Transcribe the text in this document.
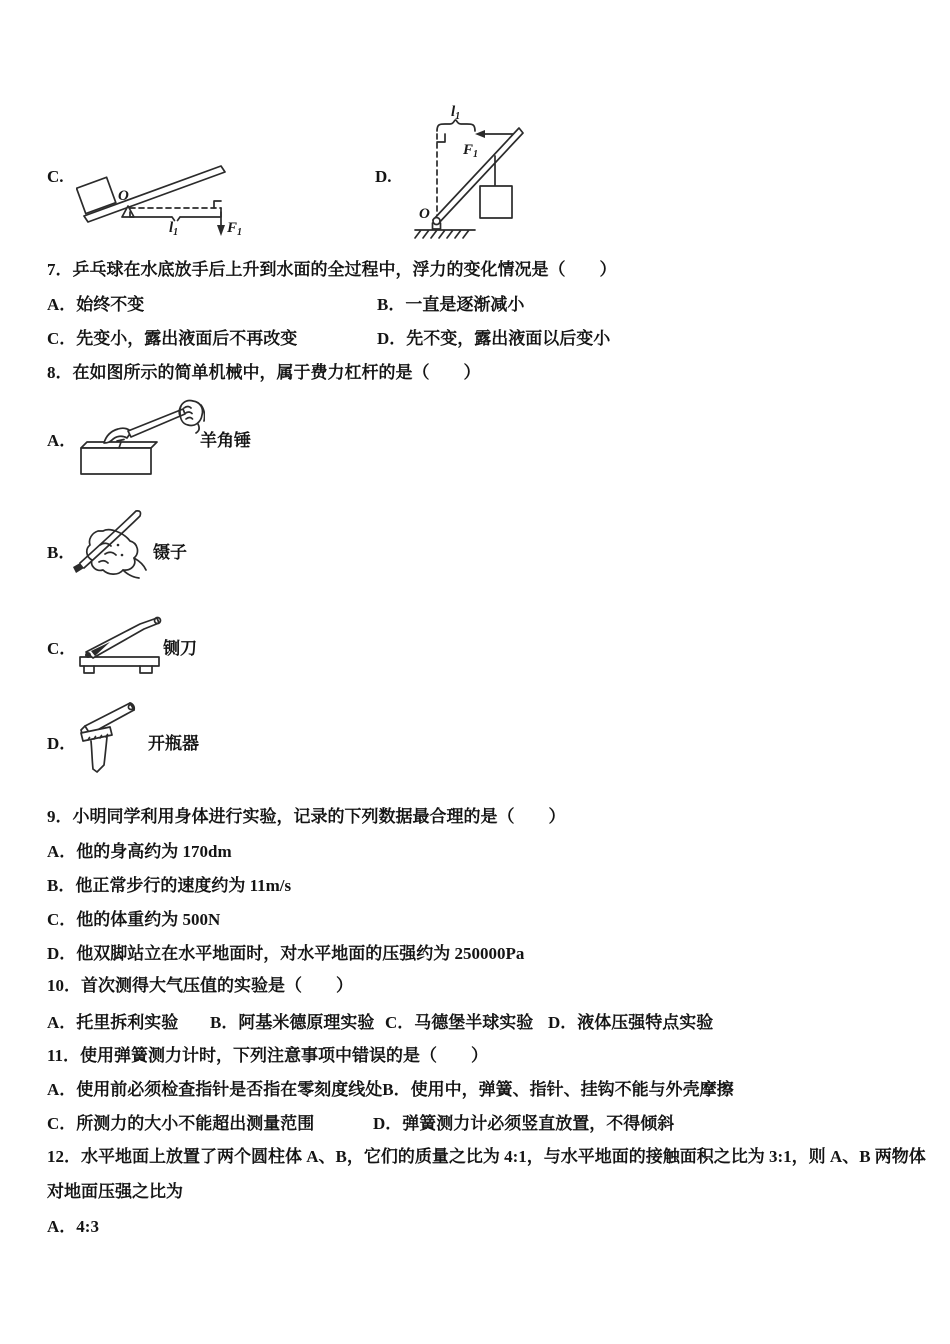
C.
O
$l_1$	$F_1$
D.
$l_1$
$F_1$
O
7．乒乓球在水底放手后上升到水面的全过程中，浮力的变化情况是（　　）
A．始终不变	B．一直是逐渐减小
C．先变小，露出液面后不再改变	D．先不变，露出液面以后变小
8．在如图所示的简单机械中，属于费力杠杆的是（　　）
A．	羊角锤
B．	镊子
C．	铡刀
D．	开瓶器
9．小明同学利用身体进行实验，记录的下列数据最合理的是（　　）
A．他的身高约为 170dm
B．他正常步行的速度约为 11m/s
C．他的体重约为 500N
D．他双脚站立在水平地面时，对水平地面的压强约为 250000Pa
10．首次测得大气压值的实验是（　　）
A．托里拆利实验 B．阿基米德原理实验 C．马德堡半球实验 D．液体压强特点实验
11．使用弹簧测力计时，下列注意事项中错误的是（　　）
A．使用前必须检查指针是否指在零刻度线处 B．使用中，弹簧、指针、挂钩不能与外壳摩擦
C．所测力的大小不能超出测量范围	D．弹簧测力计必须竖直放置，不得倾斜
12．水平地面上放置了两个圆柱体 A、B，它们的质量之比为 4:1，与水平地面的接触面积之比为 3:1，则 A、B 两物体
对地面压强之比为
A．4:3
